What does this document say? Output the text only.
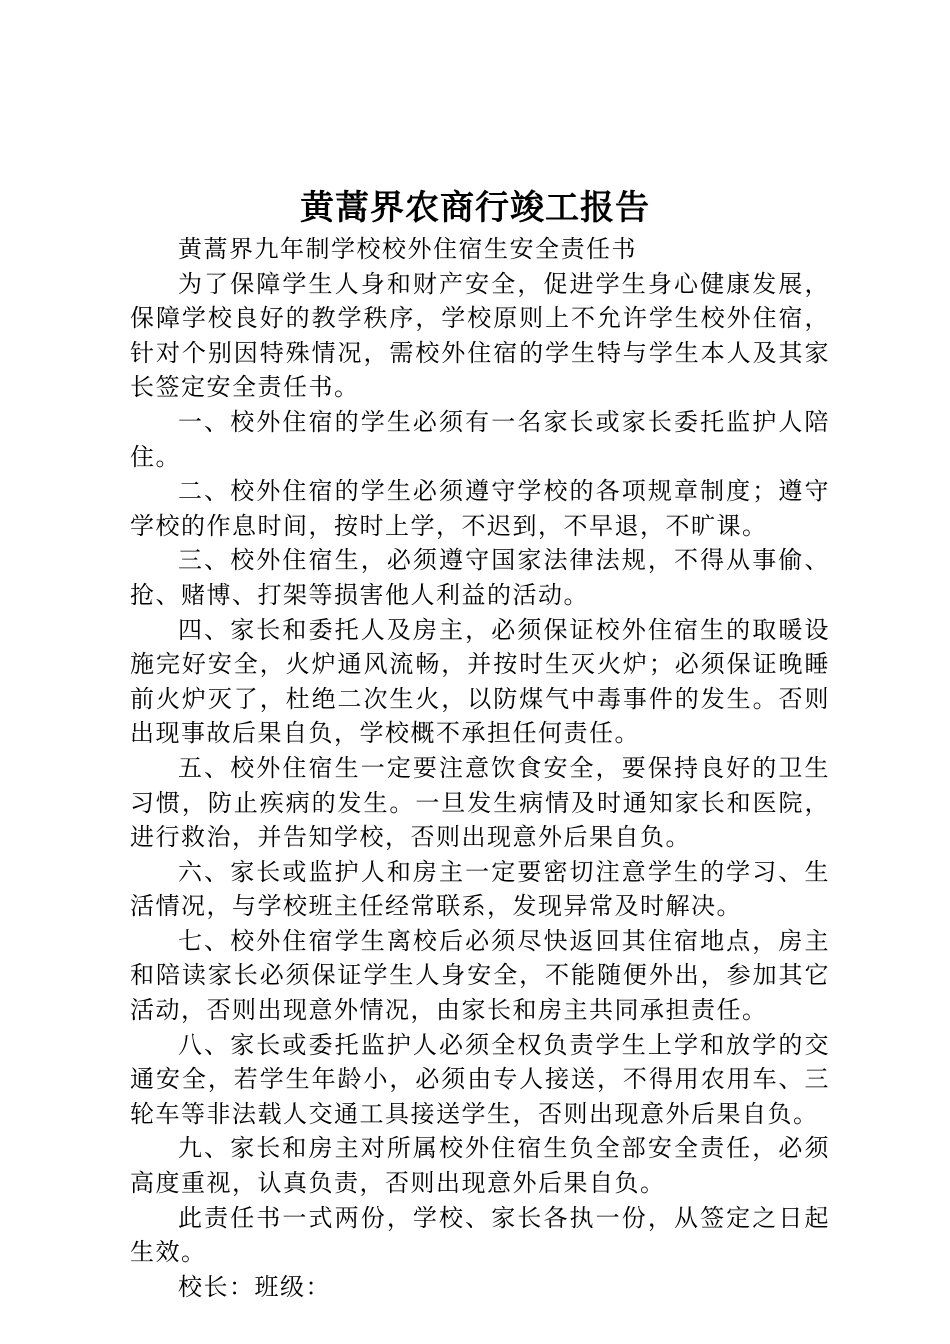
黄蒿界农商行竣工报告

黄蒿界九年制学校校外住宿生安全责任书

为了保障学生人身和财产安全，促进学生身心健康发展，保障学校良好的教学秩序，学校原则上不允许学生校外住宿，针对个别因特殊情况，需校外住宿的学生特与学生本人及其家长签定安全责任书。

一、校外住宿的学生必须有一名家长或家长委托监护人陪住。

二、校外住宿的学生必须遵守学校的各项规章制度；遵守学校的作息时间，按时上学，不迟到，不早退，不旷课。

三、校外住宿生，必须遵守国家法律法规，不得从事偷、抢、赌博、打架等损害他人利益的活动。

四、家长和委托人及房主，必须保证校外住宿生的取暖设施完好安全，火炉通风流畅，并按时生灭火炉；必须保证晚睡前火炉灭了，杜绝二次生火，以防煤气中毒事件的发生。否则出现事故后果自负，学校概不承担任何责任。

五、校外住宿生一定要注意饮食安全，要保持良好的卫生习惯，防止疾病的发生。一旦发生病情及时通知家长和医院，进行救治，并告知学校，否则出现意外后果自负。

六、家长或监护人和房主一定要密切注意学生的学习、生活情况，与学校班主任经常联系，发现异常及时解决。

七、校外住宿学生离校后必须尽快返回其住宿地点，房主和陪读家长必须保证学生人身安全，不能随便外出，参加其它活动，否则出现意外情况，由家长和房主共同承担责任。

八、家长或委托监护人必须全权负责学生上学和放学的交通安全，若学生年龄小，必须由专人接送，不得用农用车、三轮车等非法载人交通工具接送学生，否则出现意外后果自负。

九、家长和房主对所属校外住宿生负全部安全责任，必须高度重视，认真负责，否则出现意外后果自负。

此责任书一式两份，学校、家长各执一份，从签定之日起生效。

校长：班级：
